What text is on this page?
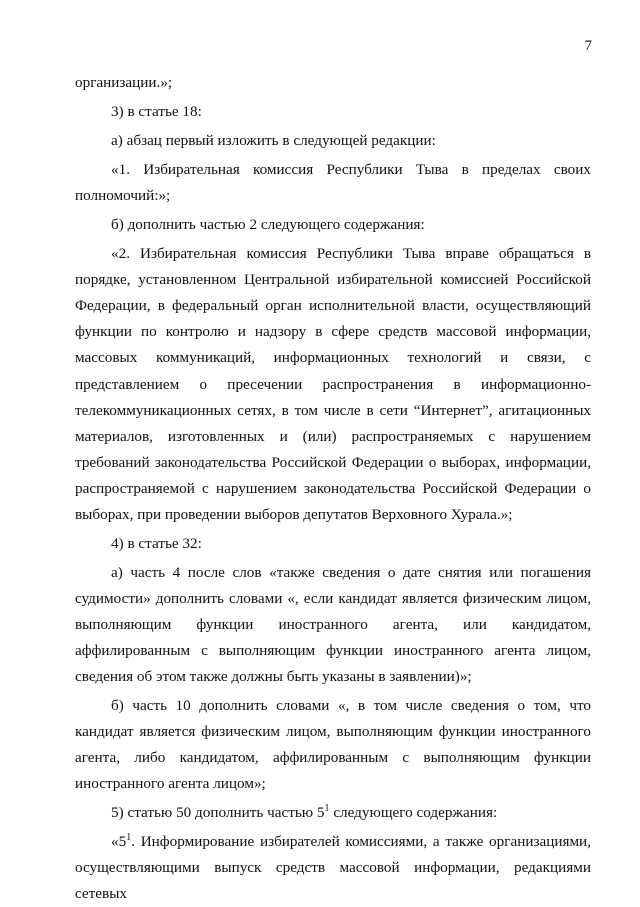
7

организации.»;

3) в статье 18:

а) абзац первый изложить в следующей редакции:

«1. Избирательная комиссия Республики Тыва в пределах своих полномочий:»;

б) дополнить частью 2 следующего содержания:

«2. Избирательная комиссия Республики Тыва вправе обращаться в порядке, установленном Центральной избирательной комиссией Российской Федерации, в федеральный орган исполнительной власти, осуществляющий функции по контролю и надзору в сфере средств массовой информации, массовых коммуникаций, информационных технологий и связи, с представлением о пресечении распространения в информационно-телекоммуникационных сетях, в том числе в сети “Интернет”, агитационных материалов, изготовленных и (или) распространяемых с нарушением требований законодательства Российской Федерации о выборах, информации, распространяемой с нарушением законодательства Российской Федерации о выборах, при проведении выборов депутатов Верховного Хурала.»;

4) в статье 32:

а) часть 4 после слов «также сведения о дате снятия или погашения судимости» дополнить словами «, если кандидат является физическим лицом, выполняющим функции иностранного агента, или кандидатом, аффилированным с выполняющим функции иностранного агента лицом, сведения об этом также должны быть указаны в заявлении)»;

б) часть 10 дополнить словами «, в том числе сведения о том, что кандидат является физическим лицом, выполняющим функции иностранного агента, либо кандидатом, аффилированным с выполняющим функции иностранного агента лицом»;

5) статью 50 дополнить частью $5^1$ следующего содержания:

«$5^1$. Информирование избирателей комиссиями, а также организациями, осуществляющими выпуск средств массовой информации, редакциями сетевых
